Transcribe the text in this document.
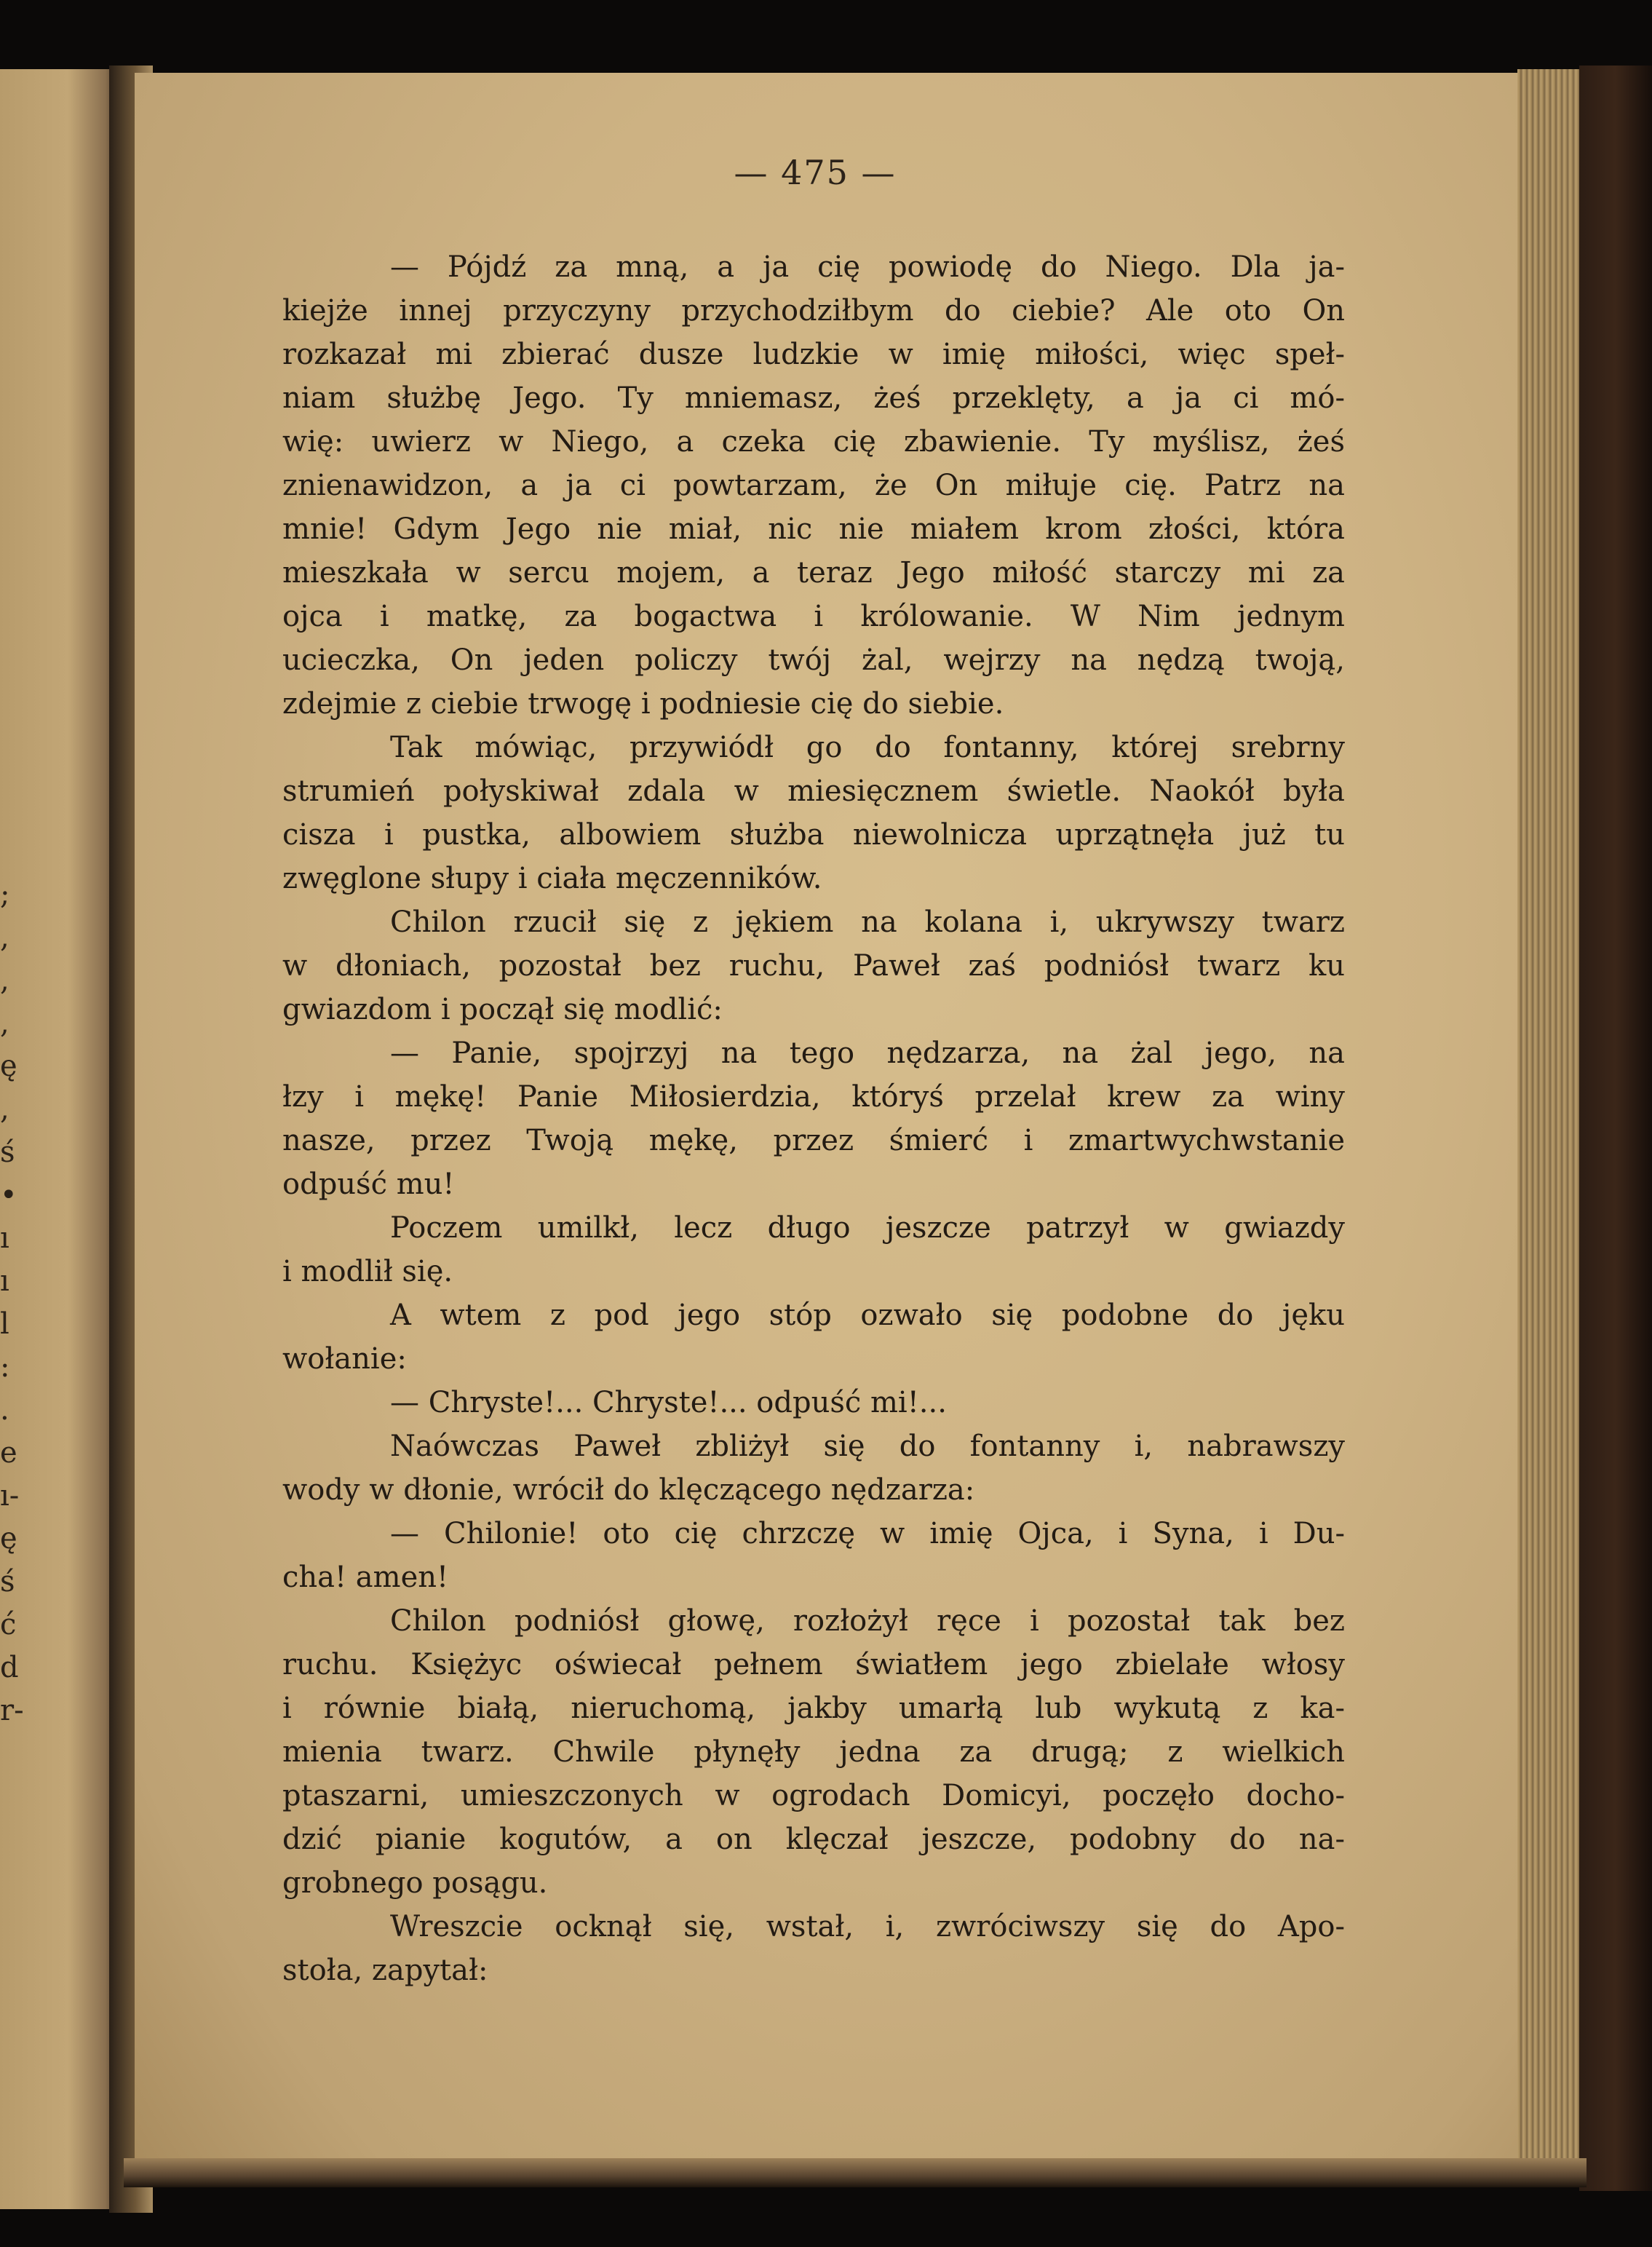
;
,
,
,
ę
,
ś
•
ı
ı
l
:
.
e
ı-
ę
ś
ć
d
r-
— 475 —
— Pójdź za mną, a ja cię powiodę do Niego. Dla ja-
kiejże innej przyczyny przychodziłbym do ciebie? Ale oto On
rozkazał mi zbierać dusze ludzkie w imię miłości, więc speł-
niam służbę Jego. Ty mniemasz, żeś przeklęty, a ja ci mó-
wię: uwierz w Niego, a czeka cię zbawienie. Ty myślisz, żeś
znienawidzon, a ja ci powtarzam, że On miłuje cię. Patrz na
mnie! Gdym Jego nie miał, nic nie miałem krom złości, która
mieszkała w sercu mojem, a teraz Jego miłość starczy mi za
ojca i matkę, za bogactwa i królowanie. W Nim jednym
ucieczka, On jeden policzy twój żal, wejrzy na nędzą twoją,
zdejmie z ciebie trwogę i podniesie cię do siebie.
Tak mówiąc, przywiódł go do fontanny, której srebrny
strumień połyskiwał zdala w miesięcznem świetle. Naokół była
cisza i pustka, albowiem służba niewolnicza uprzątnęła już tu
zwęglone słupy i ciała męczenników.
Chilon rzucił się z jękiem na kolana i, ukrywszy twarz
w dłoniach, pozostał bez ruchu, Paweł zaś podniósł twarz ku
gwiazdom i począł się modlić:
— Panie, spojrzyj na tego nędzarza, na żal jego, na
łzy i mękę! Panie Miłosierdzia, któryś przelał krew za winy
nasze, przez Twoją mękę, przez śmierć i zmartwychwstanie
odpuść mu!
Poczem umilkł, lecz długo jeszcze patrzył w gwiazdy
i modlił się.
A wtem z pod jego stóp ozwało się podobne do jęku
wołanie:
— Chryste!... Chryste!... odpuść mi!...
Naówczas Paweł zbliżył się do fontanny i, nabrawszy
wody w dłonie, wrócił do klęczącego nędzarza:
— Chilonie! oto cię chrzczę w imię Ojca, i Syna, i Du-
cha! amen!
Chilon podniósł głowę, rozłożył ręce i pozostał tak bez
ruchu. Księżyc oświecał pełnem światłem jego zbielałe włosy
i równie białą, nieruchomą, jakby umarłą lub wykutą z ka-
mienia twarz. Chwile płynęły jedna za drugą; z wielkich
ptaszarni, umieszczonych w ogrodach Domicyi, poczęło docho-
dzić pianie kogutów, a on klęczał jeszcze, podobny do na-
grobnego posągu.
Wreszcie ocknął się, wstał, i, zwróciwszy się do Apo-
stoła, zapytał:
